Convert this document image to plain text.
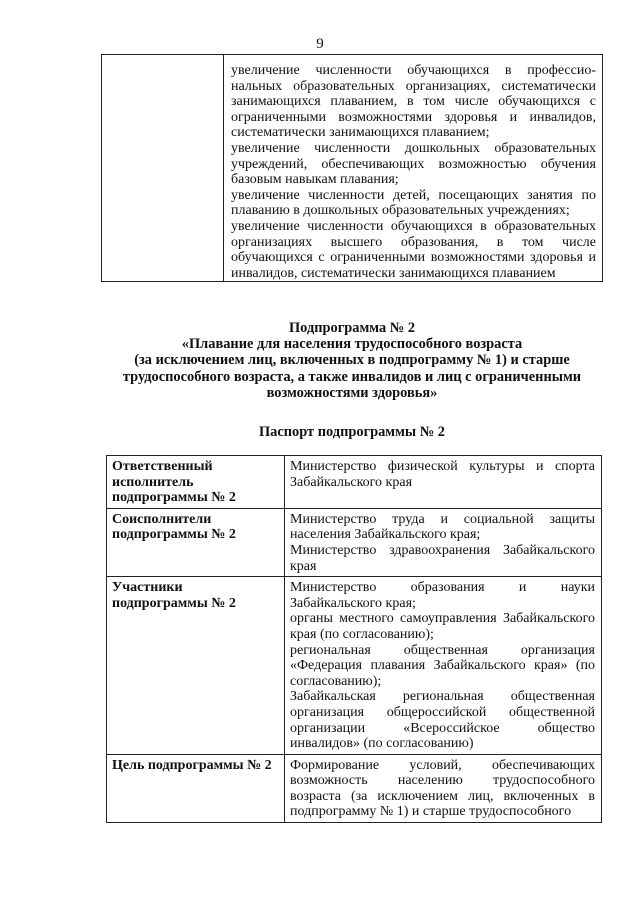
9

увеличение численности обучающихся в профессио-нальных образовательных организациях, систематически занимающихся плаванием, в том числе обучающихся с ограниченными возможностями здоровья и инвалидов, систематически занимающихся плаванием;

увеличение численности дошкольных образовательных учреждений, обеспечивающих возможностью обучения базовым навыкам плавания;

увеличение численности детей, посещающих занятия по плаванию в дошкольных образовательных учреждениях;

увеличение численности обучающихся в образовательных организациях высшего образования, в том числе обучающихся с ограниченными возможностями здоровья и инвалидов, систематически занимающихся плаванием

Подпрограмма № 2
«Плавание для населения трудоспособного возраста
(за исключением лиц, включенных в подпрограмму № 1) и старше
трудоспособного возраста, а также инвалидов и лиц с ограниченными
возможностями здоровья»
Паспорт подпрограммы № 2
Ответственный исполнитель подпрограммы № 2	Министерство физической культуры и спорта Забайкальского края

Соисполнители подпрограммы № 2	Министерство труда и социальной защиты населения Забайкальского края;

Министерство здравоохранения Забайкальского края

Участники подпрограммы № 2	Министерство образования и науки Забайкальского края;

органы местного самоуправления Забайкальского края (по согласованию);

региональная общественная организация «Федерация плавания Забайкальского края» (по согласованию);

Забайкальская региональная общественная организация общероссийской общественной организации «Всероссийское общество инвалидов» (по согласованию)

Цель подпрограммы № 2	Формирование условий, обеспечивающих возможность населению трудоспособного возраста (за исключением лиц, включенных в подпрограмму № 1) и старше трудоспособного
